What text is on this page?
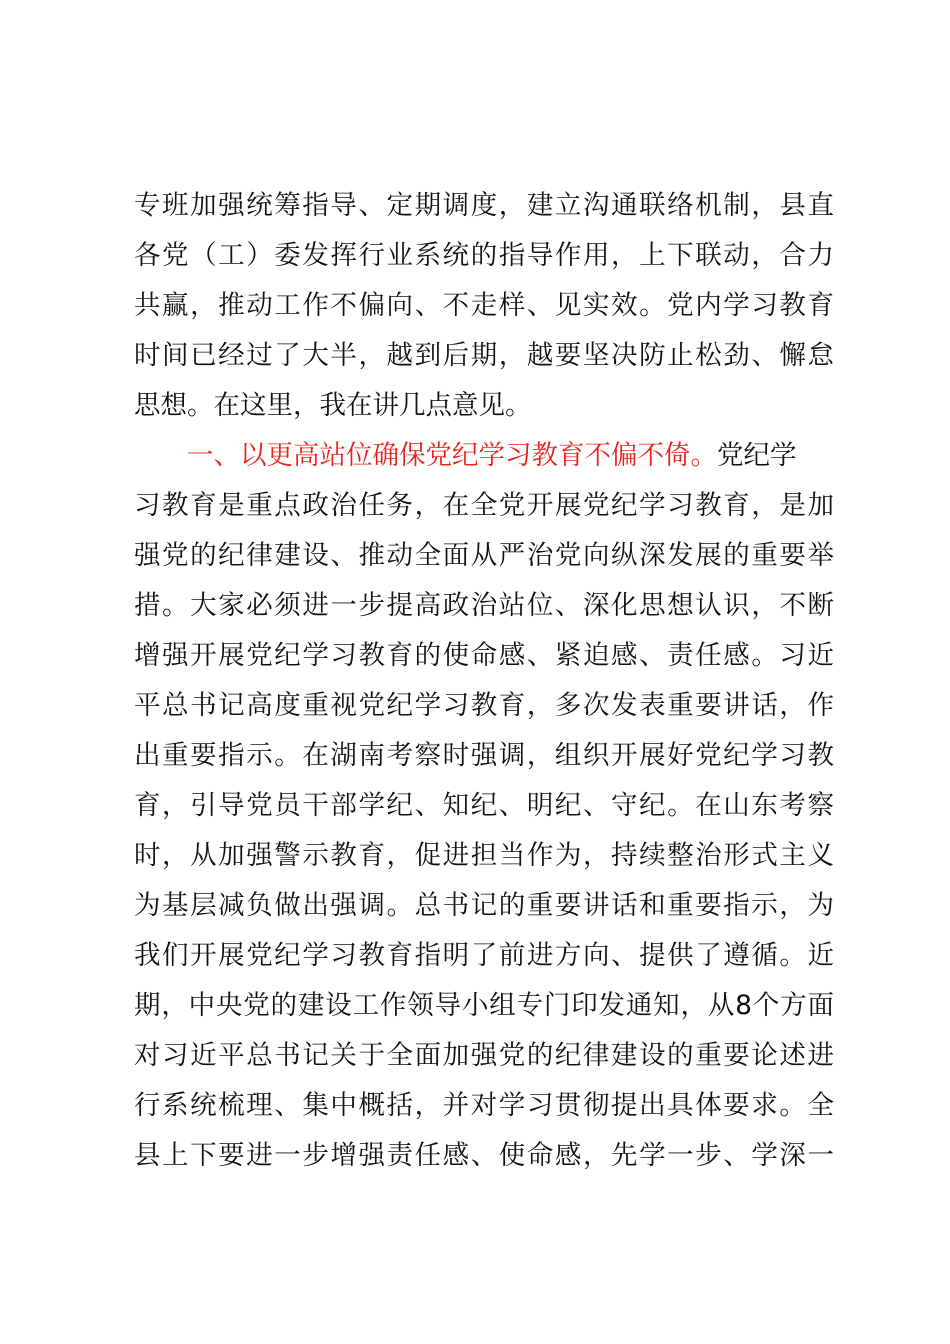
专班加强统筹指导、定期调度，建立沟通联络机制，县直
各党（工）委发挥行业系统的指导作用，上下联动，合力
共赢，推动工作不偏向、不走样、见实效。党内学习教育
时间已经过了大半，越到后期，越要坚决防止松劲、懈怠
思想。在这里，我在讲几点意见。
一、以更高站位确保党纪学习教育不偏不倚。党纪学
习教育是重点政治任务，在全党开展党纪学习教育，是加
强党的纪律建设、推动全面从严治党向纵深发展的重要举
措。大家必须进一步提高政治站位、深化思想认识，不断
增强开展党纪学习教育的使命感、紧迫感、责任感。习近
平总书记高度重视党纪学习教育，多次发表重要讲话，作
出重要指示。在湖南考察时强调，组织开展好党纪学习教
育，引导党员干部学纪、知纪、明纪、守纪。在山东考察
时，从加强警示教育，促进担当作为，持续整治形式主义
为基层减负做出强调。总书记的重要讲话和重要指示，为
我们开展党纪学习教育指明了前进方向、提供了遵循。近
期，中央党的建设工作领导小组专门印发通知，从8个方面
对习近平总书记关于全面加强党的纪律建设的重要论述进
行系统梳理、集中概括，并对学习贯彻提出具体要求。全
县上下要进一步增强责任感、使命感，先学一步、学深一
